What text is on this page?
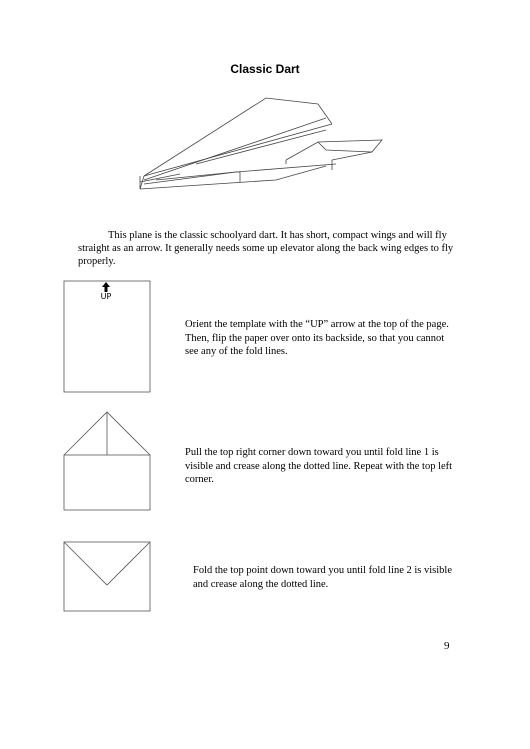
Classic Dart

This plane is the classic schoolyard dart. It has short, compact wings and will fly straight as an arrow. It generally needs some up elevator along the back wing edges to fly properly.

UP
Orient the template with the “UP” arrow at the top of the page. Then, flip the paper over onto its backside, so that you cannot see any of the fold lines.
Pull the top right corner down toward you until fold line 1 is visible and crease along the dotted line. Repeat with the top left corner.
Fold the top point down toward you until fold line 2 is visible and crease along the dotted line.
9
